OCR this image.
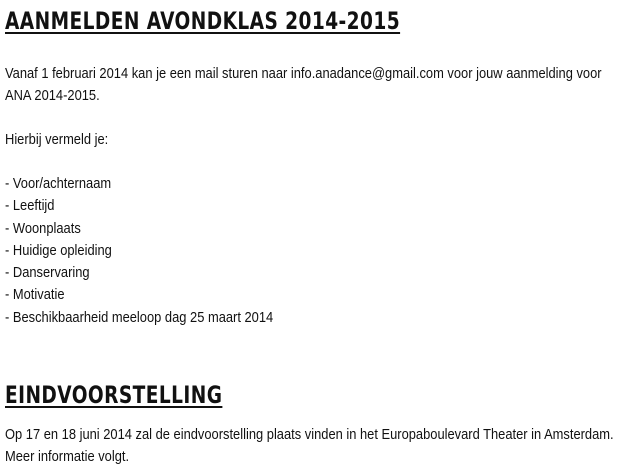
AANMELDEN AVONDKLAS 2014-2015

Vanaf 1 februari 2014 kan je een mail sturen naar info.anadance@gmail.com voor jouw aanmelding voor

ANA 2014-2015.

Hierbij vermeld je:

- Voor/achternaam
- Leeftijd
- Woonplaats
- Huidige opleiding
- Danservaring
- Motivatie
- Beschikbaarheid meeloop dag 25 maart 2014
EINDVOORSTELLING

Op 17 en 18 juni 2014 zal de eindvoorstelling plaats vinden in het Europaboulevard Theater in Amsterdam.

Meer informatie volgt.
